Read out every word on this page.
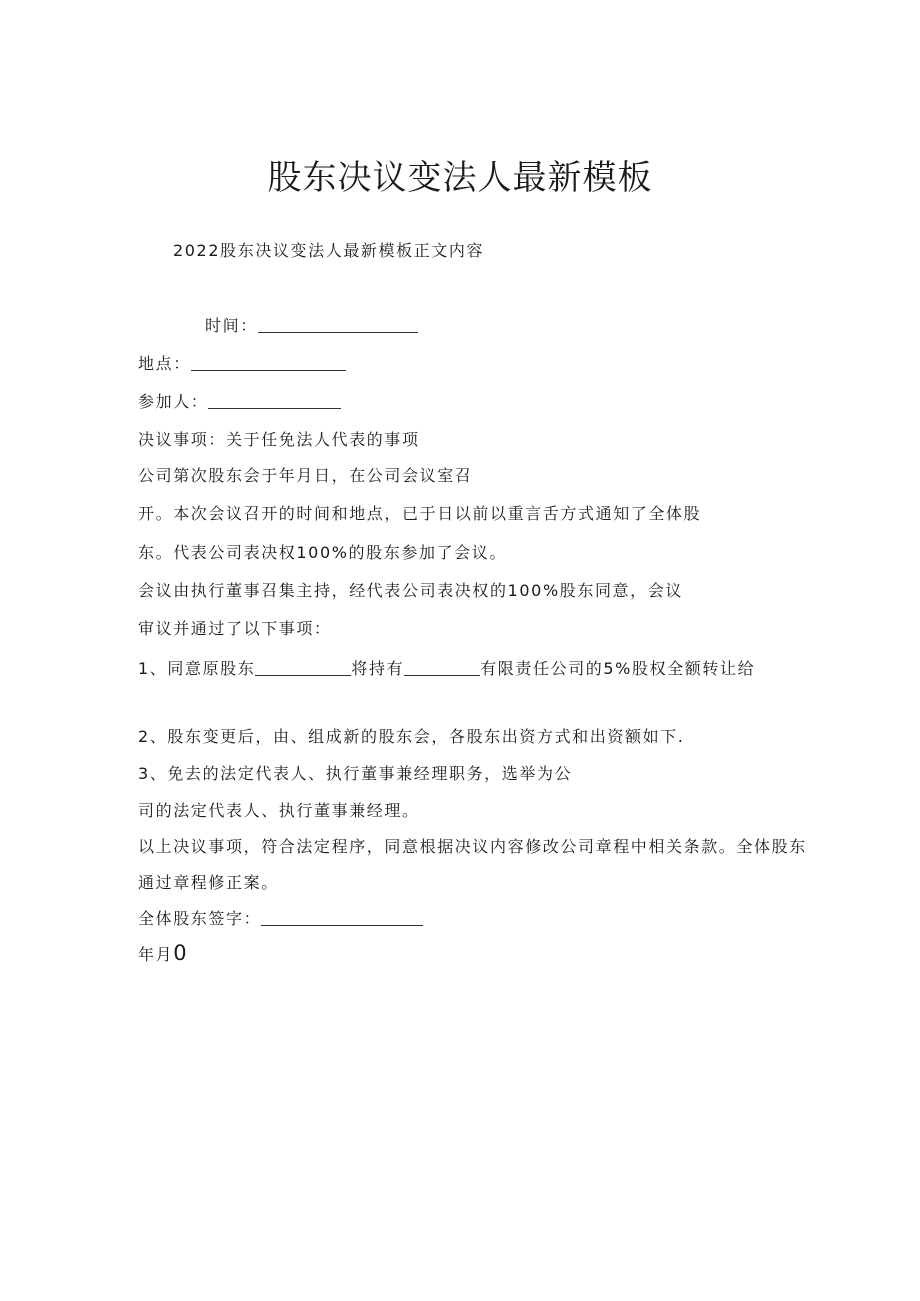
股东决议变法人最新模板
2022股东决议变法人最新模板正文内容
时间：
地点：
参加人：
决议事项：关于任免法人代表的事项
公司第次股东会于年月日，在公司会议室召
开。本次会议召开的时间和地点，已于日以前以重言舌方式通知了全体股
东。代表公司表决权100%的股东参加了会议。
会议由执行董事召集主持，经代表公司表决权的100%股东同意，会议
审议并通过了以下事项：
1、同意原股东	将持有	有限责任公司的5%股权全额转让给
2、股东变更后，由、组成新的股东会，各股东出资方式和出资额如下.
3、免去的法定代表人、执行董事兼经理职务，选举为公
司的法定代表人、执行董事兼经理。
以上决议事项，符合法定程序，同意根据决议内容修改公司章程中相关条款。全体股东
通过章程修正案。
全体股东签字：
年月0
